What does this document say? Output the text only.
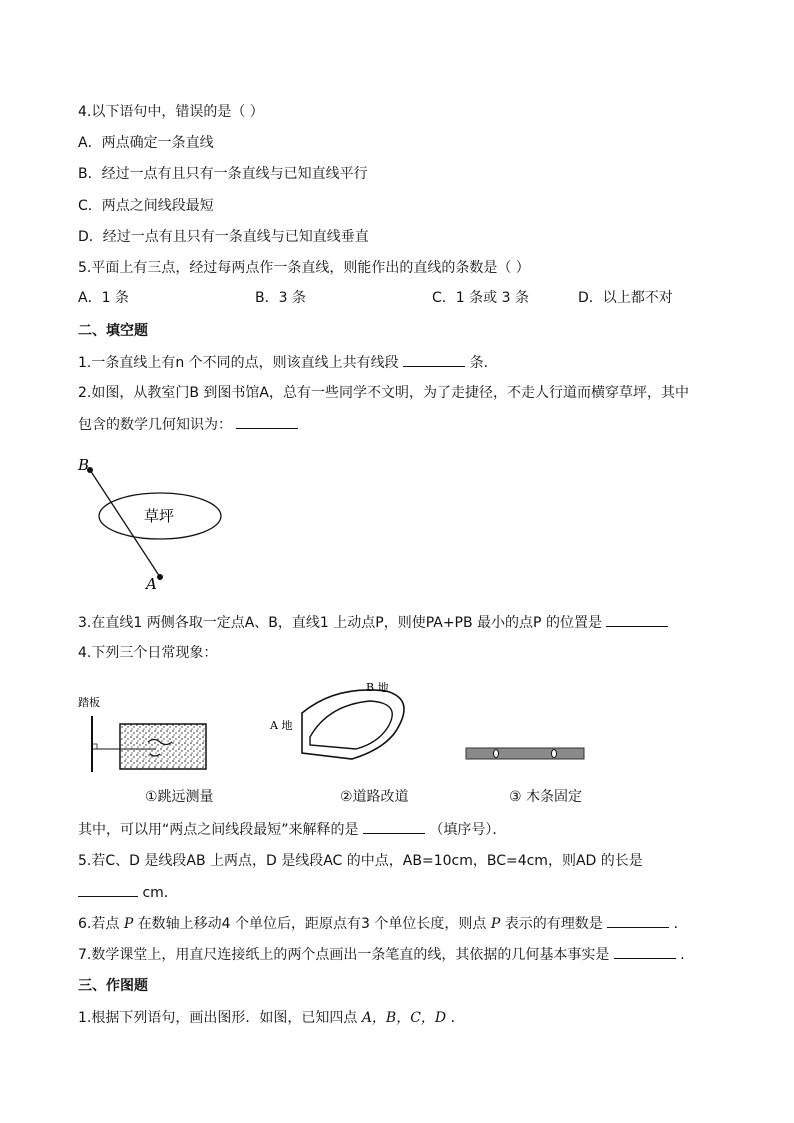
4.以下语句中，错误的是（ ）
A．两点确定一条直线
B．经过一点有且只有一条直线与已知直线平行
C．两点之间线段最短
D．经过一点有且只有一条直线与已知直线垂直
5.平面上有三点，经过每两点作一条直线，则能作出的直线的条数是（ ）
A．1 条	B．3 条	C．1 条或 3 条	D．以上都不对
二、填空题
1.一条直线上有n 个不同的点，则该直线上共有线段	条．
2.如图，从教室门B 到图书馆A，总有一些同学不文明，为了走捷径，不走人行道而横穿草坪，其中
包含的数学几何知识为：
B
A
草坪
3.在直线1 两侧各取一定点A、B，直线1 上动点P，则使PA+PB 最小的点P 的位置是
4.下列三个日常现象：
踏板
B 地
A 地
①跳远测量	②道路改道	③ 木条固定
其中，可以用“两点之间线段最短”来解释的是	（填序号）．
5.若C、D 是线段AB 上两点，D 是线段AC 的中点，AB=10cm，BC=4cm，则AD 的长是
cm．
6.若点 P 在数轴上移动4 个单位后，距原点有3 个单位长度，则点 P 表示的有理数是	．
7.数学课堂上，用直尺连接纸上的两个点画出一条笔直的线，其依据的几何基本事实是	．
三、作图题
1.根据下列语句，画出图形．如图，已知四点 A，B，C，D ．
